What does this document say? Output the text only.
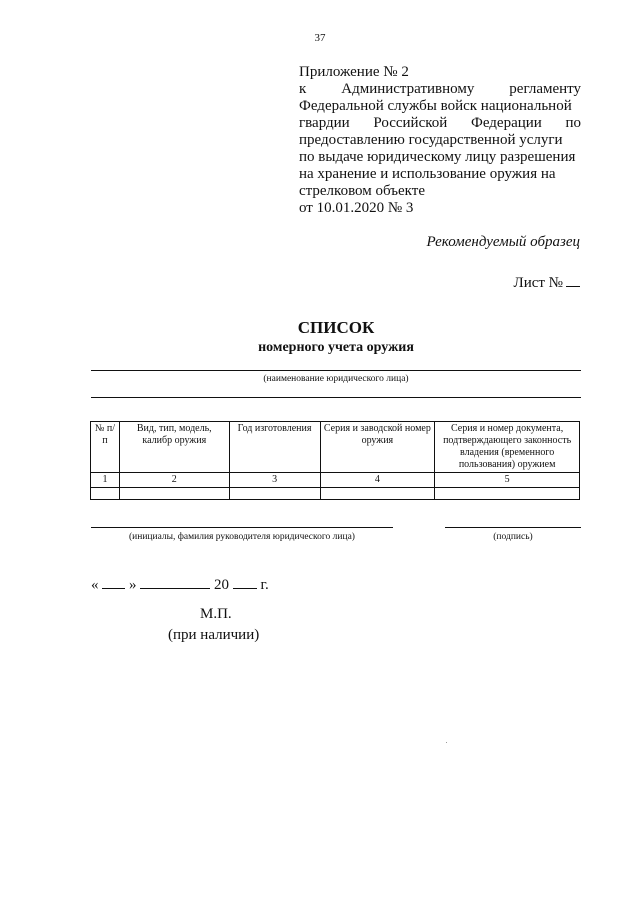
37
Приложение № 2
к Административному регламенту
Федеральной службы войск национальной
гвардии Российской Федерации по
предоставлению государственной услуги
по выдаче юридическому лицу разрешения
на хранение и использование оружия на
стрелковом объекте
от 10.01.2020 № 3
Рекомендуемый образец
Лист №
СПИСОК
номерного учета оружия
(наименование юридического лица)
№ п/п	Вид, тип, модель, калибр оружия	Год изготовления	Серия и заводской номер оружия	Серия и номер документа, подтверждающего законность владения (временного пользования) оружием
1	2	3	4	5

(инициалы, фамилия руководителя юридического лица)	(подпись)
« »	20 г.
М.П.
(при наличии)
